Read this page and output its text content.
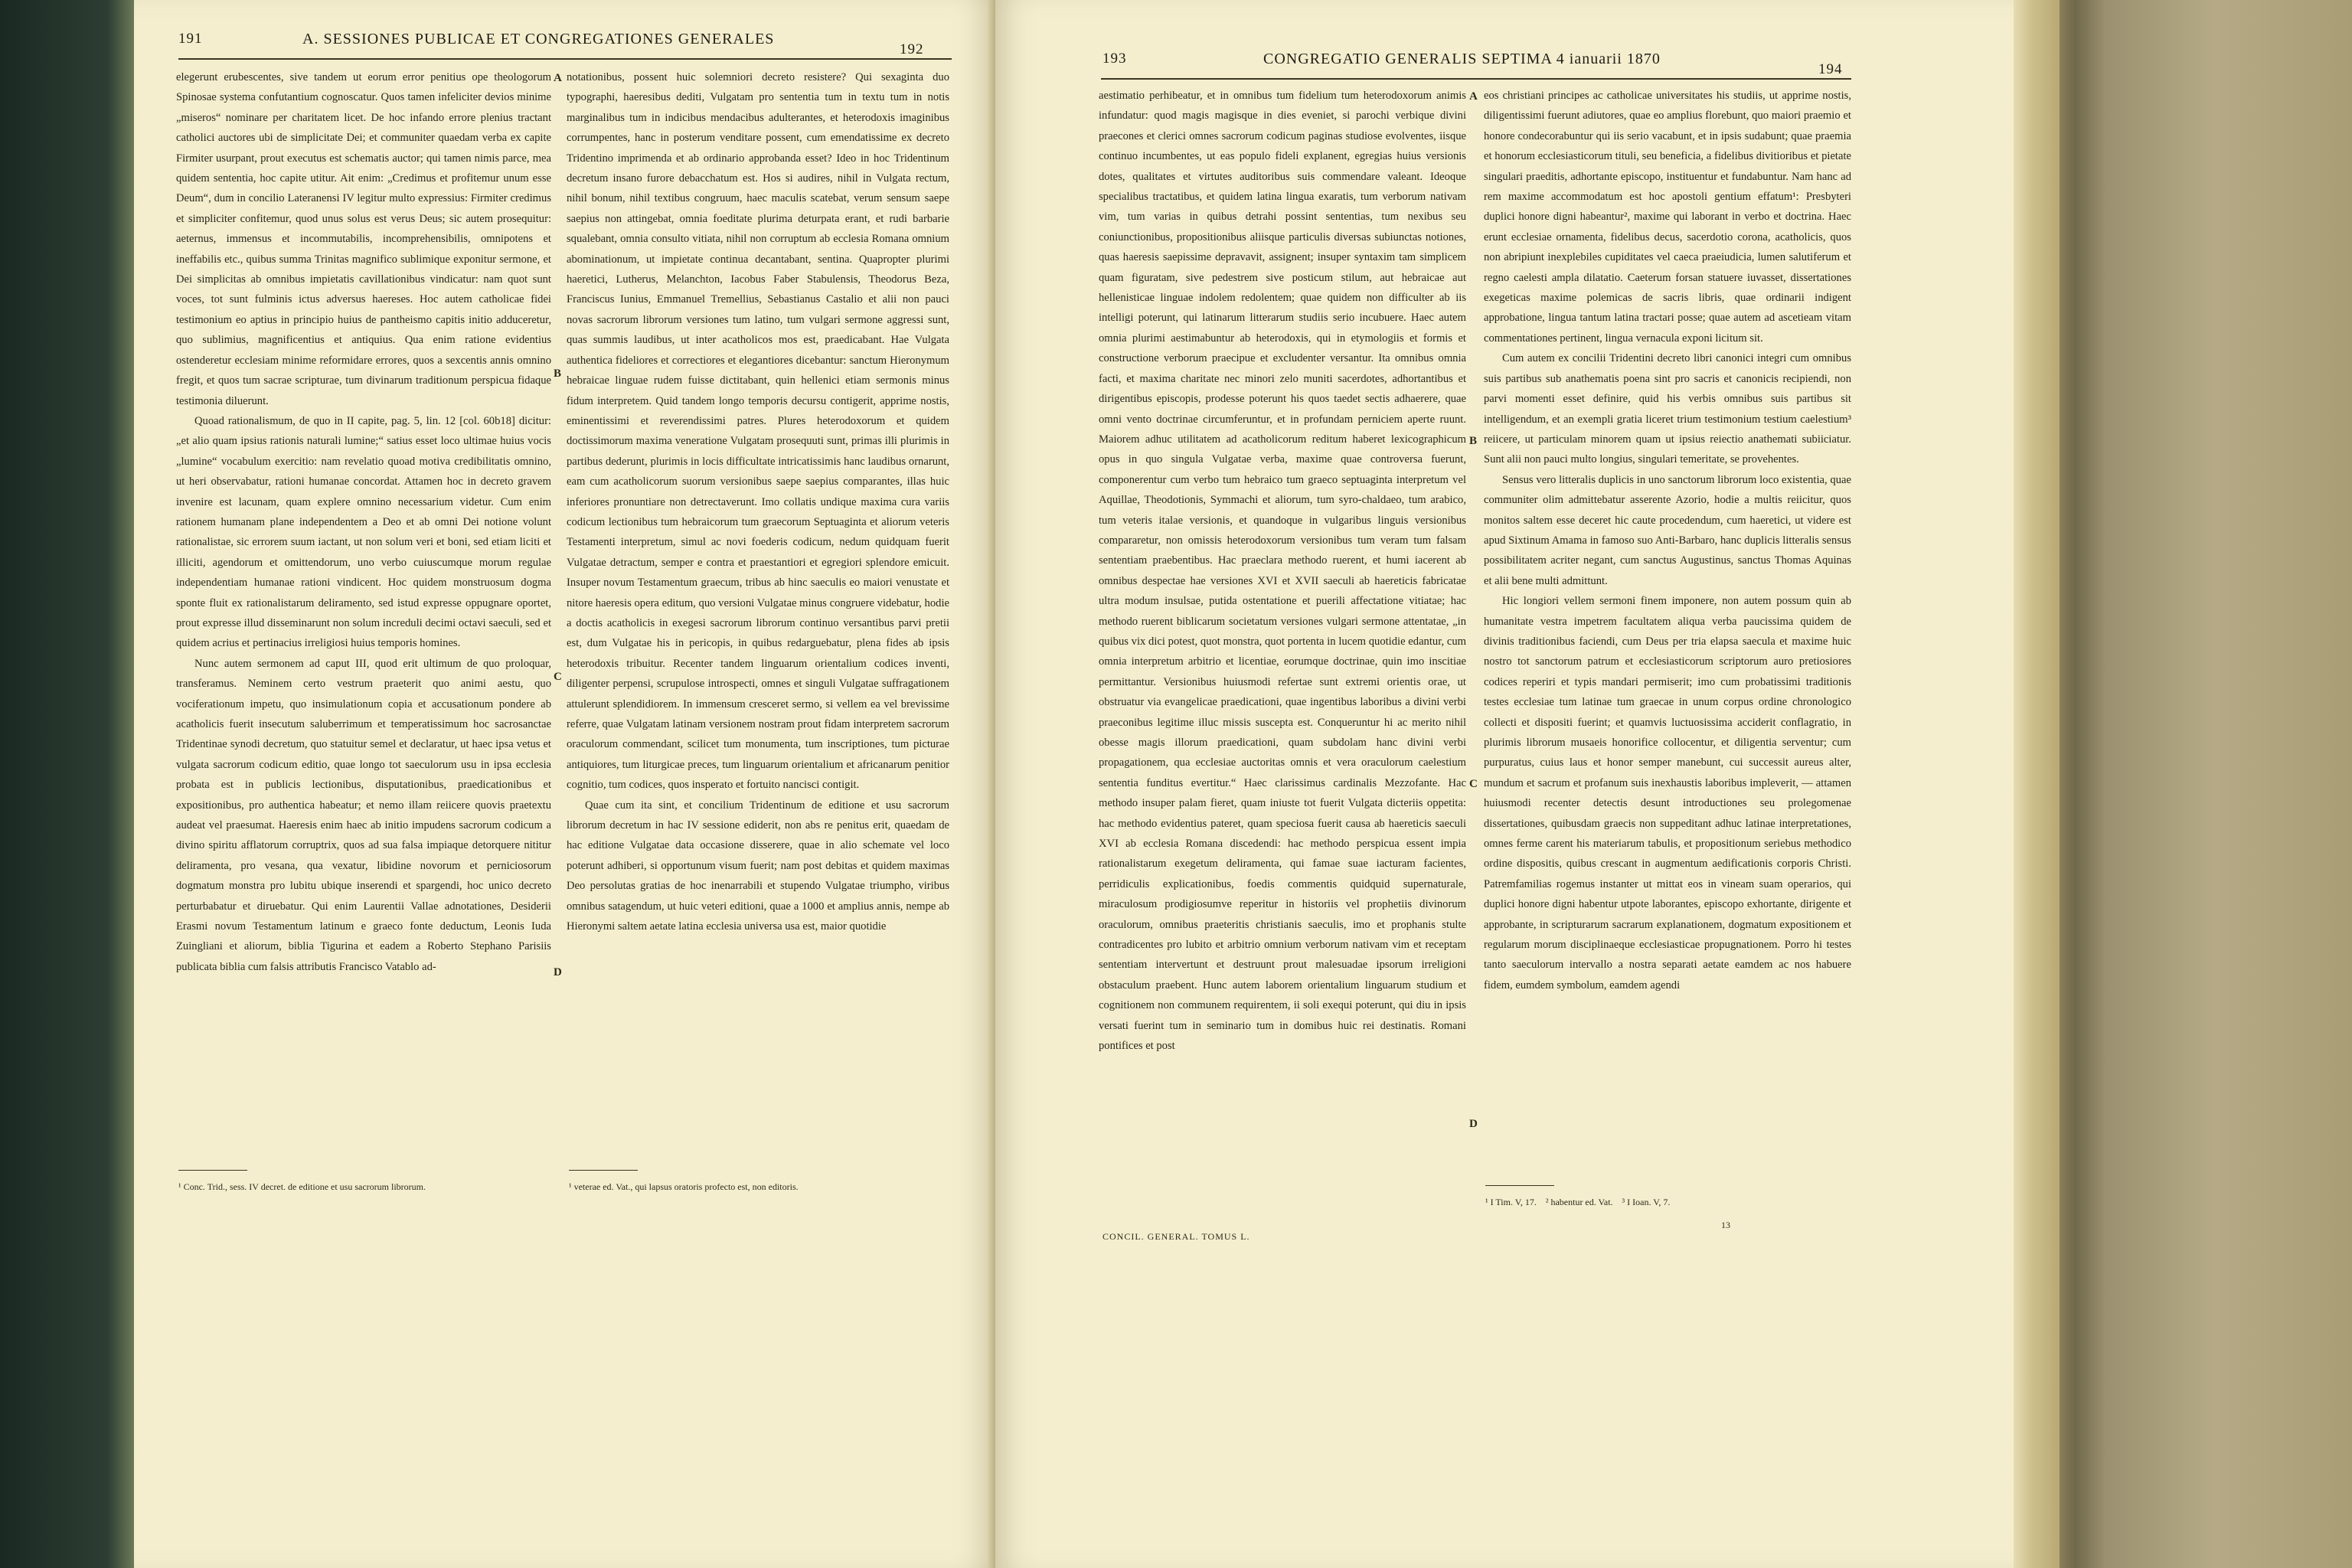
191	A. SESSIONES PUBLICAE ET CONGREGATIONES GENERALES
192

elegerunt erubescentes, sive tandem ut eorum error penitius ope theologorum Spinosae systema confutantium cognoscatur. Quos tamen infeliciter devios minime „miseros“ nominare per charitatem licet. De hoc infando errore plenius tractant catholici auctores ubi de simplicitate Dei; et communiter quaedam verba ex capite Firmiter usurpant, prout executus est schematis auctor; qui tamen nimis parce, mea quidem sententia, hoc capite utitur. Ait enim: „Credimus et profitemur unum esse Deum“, dum in concilio Lateranensi IV legitur multo expressius: Firmiter credimus et simpliciter confitemur, quod unus solus est verus Deus; sic autem prosequitur: aeternus, immensus et incommutabilis, incomprehensibilis, omnipotens et ineffabilis etc., quibus summa Trinitas magnifico sublimique exponitur sermone, et Dei simplicitas ab omnibus impietatis cavillationibus vindicatur: nam quot sunt voces, tot sunt fulminis ictus adversus haereses. Hoc autem catholicae fidei testimonium eo aptius in principio huius de pantheismo capitis initio adduceretur, quo sublimius, magnificentius et antiquius. Qua enim ratione evidentius ostenderetur ecclesiam minime reformidare errores, quos a sexcentis annis omnino fregit, et quos tum sacrae scripturae, tum divinarum traditionum perspicua fidaque testimonia diluerunt.

Quoad rationalismum, de quo in II capite, pag. 5, lin. 12 [col. 60b18] dicitur: „et alio quam ipsius rationis naturali lumine;“ satius esset loco ultimae huius vocis „lumine“ vocabulum exercitio: nam revelatio quoad motiva credibilitatis omnino, ut heri observabatur, rationi humanae concordat. Attamen hoc in decreto gravem invenire est lacunam, quam explere omnino necessarium videtur. Cum enim rationem humanam plane independentem a Deo et ab omni Dei notione volunt rationalistae, sic errorem suum iactant, ut non solum veri et boni, sed etiam liciti et illiciti, agendorum et omittendorum, uno verbo cuiuscumque morum regulae independentiam humanae rationi vindicent. Hoc quidem monstruosum dogma sponte fluit ex rationalistarum deliramento, sed istud expresse oppugnare oportet, prout expresse illud disseminarunt non solum increduli decimi octavi saeculi, sed et quidem acrius et pertinacius irreligiosi huius temporis homines.

Nunc autem sermonem ad caput III, quod erit ultimum de quo proloquar, transferamus. Neminem certo vestrum praeterit quo animi aestu, quo vociferationum impetu, quo insimulationum copia et accusationum pondere ab acatholicis fuerit insecutum saluberrimum et temperatissimum hoc sacrosanctae Tridentinae synodi decretum, quo statuitur semel et declaratur, ut haec ipsa vetus et vulgata sacrorum codicum editio, quae longo tot saeculorum usu in ipsa ecclesia probata est in publicis lectionibus, disputationibus, praedicationibus et expositionibus, pro authentica habeatur; et nemo illam reiicere quovis praetextu audeat vel praesumat. Haeresis enim haec ab initio impudens sacrorum codicum a divino spiritu afflatorum corruptrix, quos ad sua falsa impiaque detorquere nititur deliramenta, pro vesana, qua vexatur, libidine novorum et perniciosorum dogmatum monstra pro lubitu ubique inserendi et spargendi, hoc unico decreto perturbabatur et diruebatur. Qui enim Laurentii Vallae adnotationes, Desiderii Erasmi novum Testamentum latinum e graeco fonte deductum, Leonis Iuda Zuingliani et aliorum, biblia Tigurina et eadem a Roberto Stephano Parisiis publicata biblia cum falsis attributis Francisco Vatablo ad-

A
B
C
D

notationibus, possent huic solemniori decreto resistere? Qui sexaginta duo typographi, haeresibus dediti, Vulgatam pro sententia tum in textu tum in notis marginalibus tum in indicibus mendacibus adulterantes, et heterodoxis imaginibus corrumpentes, hanc in posterum venditare possent, cum emendatissime ex decreto Tridentino imprimenda et ab ordinario approbanda esset? Ideo in hoc Tridentinum decretum insano furore debacchatum est. Hos si audires, nihil in Vulgata rectum, nihil bonum, nihil textibus congruum, haec maculis scatebat, verum sensum saepe saepius non attingebat, omnia foeditate plurima deturpata erant, et rudi barbarie squalebant, omnia consulto vitiata, nihil non corruptum ab ecclesia Romana omnium abominationum, ut impietate continua decantabant, sentina. Quapropter plurimi haeretici, Lutherus, Melanchton, Iacobus Faber Stabulensis, Theodorus Beza, Franciscus Iunius, Emmanuel Tremellius, Sebastianus Castalio et alii non pauci novas sacrorum librorum versiones tum latino, tum vulgari sermone aggressi sunt, quas summis laudibus, ut inter acatholicos mos est, praedicabant. Hae Vulgata authentica fideliores et correctiores et elegantiores dicebantur: sanctum Hieronymum hebraicae linguae rudem fuisse dictitabant, quin hellenici etiam sermonis minus fidum interpretem. Quid tandem longo temporis decursu contigerit, apprime nostis, eminentissimi et reverendissimi patres. Plures heterodoxorum et quidem doctissimorum maxima veneratione Vulgatam prosequuti sunt, primas illi plurimis in partibus dederunt, plurimis in locis difficultate intricatissimis hanc laudibus ornarunt, eam cum acatholicorum suorum versionibus saepe saepius comparantes, illas huic inferiores pronuntiare non detrectaverunt. Imo collatis undique maxima cura variis codicum lectionibus tum hebraicorum tum graecorum Septuaginta et aliorum veteris Testamenti interpretum, simul ac novi foederis codicum, nedum quidquam fuerit Vulgatae detractum, semper e contra et praestantiori et egregiori splendore emicuit. Insuper novum Testamentum graecum, tribus ab hinc saeculis eo maiori venustate et nitore haeresis opera editum, quo versioni Vulgatae minus congruere videbatur, hodie a doctis acatholicis in exegesi sacrorum librorum continuo versantibus parvi pretii est, dum Vulgatae his in pericopis, in quibus redarguebatur, plena fides ab ipsis heterodoxis tribuitur. Recenter tandem linguarum orientalium codices inventi, diligenter perpensi, scrupulose introspecti, omnes et singuli Vulgatae suffragationem attulerunt splendidiorem. In immensum cresceret sermo, si vellem ea vel brevissime referre, quae Vulgatam latinam versionem nostram prout fidam interpretem sacrorum oraculorum commendant, scilicet tum monumenta, tum inscriptiones, tum picturae antiquiores, tum liturgicae preces, tum linguarum orientalium et africanarum penitior cognitio, tum codices, quos insperato et fortuito nancisci contigit.

Quae cum ita sint, et concilium Tridentinum de editione et usu sacrorum librorum decretum in hac IV sessione ediderit, non abs re penitus erit, quaedam de hac editione Vulgatae data occasione disserere, quae in alio schemate vel loco poterunt adhiberi, si opportunum visum fuerit; nam post debitas et quidem maximas Deo persolutas gratias de hoc inenarrabili et stupendo Vulgatae triumpho, viribus omnibus satagendum, ut huic veteri editioni, quae a 1000 et amplius annis, nempe ab Hieronymi saltem aetate latina ecclesia universa usa est, maior quotidie

¹ Conc. Trid., sess. IV decret. de editione et usu sacrorum librorum.	¹ veterae ed. Vat., qui lapsus oratoris profecto est, non editoris.
193	CONGREGATIO GENERALIS SEPTIMA 4 ianuarii 1870
194

aestimatio perhibeatur, et in omnibus tum fidelium tum heterodoxorum animis infundatur: quod magis magisque in dies eveniet, si parochi verbique divini praecones et clerici omnes sacrorum codicum paginas studiose evolventes, iisque continuo incumbentes, ut eas populo fideli explanent, egregias huius versionis dotes, qualitates et virtutes auditoribus suis commendare valeant. Ideoque specialibus tractatibus, et quidem latina lingua exaratis, tum verborum nativam vim, tum varias in quibus detrahi possint sententias, tum nexibus seu coniunctionibus, propositionibus aliisque particulis diversas subiunctas notiones, quas haeresis saepissime depravavit, assignent; insuper syntaxim tam simplicem quam figuratam, sive pedestrem sive posticum stilum, aut hebraicae aut hellenisticae linguae indolem redolentem; quae quidem non difficulter ab iis intelligi poterunt, qui latinarum litterarum studiis serio incubuere. Haec autem omnia plurimi aestimabuntur ab heterodoxis, qui in etymologiis et formis et constructione verborum praecipue et excludenter versantur. Ita omnibus omnia facti, et maxima charitate nec minori zelo muniti sacerdotes, adhortantibus et dirigentibus episcopis, prodesse poterunt his quos taedet sectis adhaerere, quae omni vento doctrinae circumferuntur, et in profundam perniciem aperte ruunt. Maiorem adhuc utilitatem ad acatholicorum reditum haberet lexicographicum opus in quo singula Vulgatae verba, maxime quae controversa fuerunt, componerentur cum verbo tum hebraico tum graeco septuaginta interpretum vel Aquillae, Theodotionis, Symmachi et aliorum, tum syro-chaldaeo, tum arabico, tum veteris italae versionis, et quandoque in vulgaribus linguis versionibus compararetur, non omissis heterodoxorum versionibus tum veram tum falsam sententiam praebentibus. Hac praeclara methodo ruerent, et humi iacerent ab omnibus despectae hae versiones XVI et XVII saeculi ab haereticis fabricatae ultra modum insulsae, putida ostentatione et puerili affectatione vitiatae; hac methodo ruerent biblicarum societatum versiones vulgari sermone attentatae, „in quibus vix dici potest, quot monstra, quot portenta in lucem quotidie edantur, cum omnia interpretum arbitrio et licentiae, eorumque doctrinae, quin imo inscitiae permittantur. Versionibus huiusmodi refertae sunt extremi orientis orae, ut obstruatur via evangelicae praedicationi, quae ingentibus laboribus a divini verbi praeconibus legitime illuc missis suscepta est. Conqueruntur hi ac merito nihil obesse magis illorum praedicationi, quam subdolam hanc divini verbi propagationem, qua ecclesiae auctoritas omnis et vera oraculorum caelestium sententia funditus evertitur.“ Haec clarissimus cardinalis Mezzofante. Hac methodo insuper palam fieret, quam iniuste tot fuerit Vulgata dicteriis oppetita: hac methodo evidentius pateret, quam speciosa fuerit causa ab haereticis saeculi XVI ab ecclesia Romana discedendi: hac methodo perspicua essent impia rationalistarum exegetum deliramenta, qui famae suae iacturam facientes, perridiculis explicationibus, foedis commentis quidquid supernaturale, miraculosum prodigiosumve reperitur in historiis vel prophetiis divinorum oraculorum, omnibus praeteritis christianis saeculis, imo et prophanis stulte contradicentes pro lubito et arbitrio omnium verborum nativam vim et receptam sententiam intervertunt et destruunt prout malesuadae ipsorum irreligioni obstaculum praebent. Hunc autem laborem orientalium linguarum studium et cognitionem non communem requirentem, ii soli exequi poterunt, qui diu in ipsis versati fuerint tum in seminario tum in domibus huic rei destinatis. Romani pontifices et post

A
B
C
D

eos christiani principes ac catholicae universitates his studiis, ut apprime nostis, diligentissimi fuerunt adiutores, quae eo amplius florebunt, quo maiori praemio et honore condecorabuntur qui iis serio vacabunt, et in ipsis sudabunt; quae praemia et honorum ecclesiasticorum tituli, seu beneficia, a fidelibus divitioribus et pietate singulari praeditis, adhortante episcopo, instituentur et fundabuntur. Nam hanc ad rem maxime accommodatum est hoc apostoli gentium effatum¹: Presbyteri duplici honore digni habeantur², maxime qui laborant in verbo et doctrina. Haec erunt ecclesiae ornamenta, fidelibus decus, sacerdotio corona, acatholicis, quos non abripiunt inexplebiles cupiditates vel caeca praeiudicia, lumen salutiferum et regno caelesti ampla dilatatio. Caeterum forsan statuere iuvasset, dissertationes exegeticas maxime polemicas de sacris libris, quae ordinarii indigent approbatione, lingua tantum latina tractari posse; quae autem ad ascetieam vitam commentationes pertinent, lingua vernacula exponi licitum sit.

Cum autem ex concilii Tridentini decreto libri canonici integri cum omnibus suis partibus sub anathematis poena sint pro sacris et canonicis recipiendi, non parvi momenti esset definire, quid his verbis omnibus suis partibus sit intelligendum, et an exempli gratia liceret trium testimonium testium caelestium³ reiicere, ut particulam minorem quam ut ipsius reiectio anathemati subiiciatur. Sunt alii non pauci multo longius, singulari temeritate, se provehentes.

Sensus vero litteralis duplicis in uno sanctorum librorum loco existentia, quae communiter olim admittebatur asserente Azorio, hodie a multis reiicitur, quos monitos saltem esse deceret hic caute procedendum, cum haeretici, ut videre est apud Sixtinum Amama in famoso suo Anti-Barbaro, hanc duplicis litteralis sensus possibilitatem acriter negant, cum sanctus Augustinus, sanctus Thomas Aquinas et alii bene multi admittunt.

Hic longiori vellem sermoni finem imponere, non autem possum quin ab humanitate vestra impetrem facultatem aliqua verba paucissima quidem de divinis traditionibus faciendi, cum Deus per tria elapsa saecula et maxime huic nostro tot sanctorum patrum et ecclesiasticorum scriptorum auro pretiosiores codices reperiri et typis mandari permiserit; imo cum probatissimi traditionis testes ecclesiae tum latinae tum graecae in unum corpus ordine chronologico collecti et dispositi fuerint; et quamvis luctuosissima acciderit conflagratio, in plurimis librorum musaeis honorifice collocentur, et diligentia serventur; cum purpuratus, cuius laus et honor semper manebunt, cui successit aureus alter, mundum et sacrum et profanum suis inexhaustis laboribus impleverit, — attamen huiusmodi recenter detectis desunt introductiones seu prolegomenae dissertationes, quibusdam graecis non suppeditant adhuc latinae interpretationes, omnes ferme carent his materiarum tabulis, et propositionum seriebus methodico ordine dispositis, quibus crescant in augmentum aedificationis corporis Christi. Patremfamilias rogemus instanter ut mittat eos in vineam suam operarios, qui duplici honore digni habentur utpote laborantes, episcopo exhortante, dirigente et approbante, in scripturarum sacrarum explanationem, dogmatum expositionem et regularum morum disciplinaeque ecclesiasticae propugnationem. Porro hi testes tanto saeculorum intervallo a nostra separati aetate eamdem ac nos habuere fidem, eumdem symbolum, eamdem agendi

CONCIL. GENERAL. TOMUS L.
¹ I Tim. V, 17.    ² habentur ed. Vat.    ³ I Ioan. V, 7.
13
